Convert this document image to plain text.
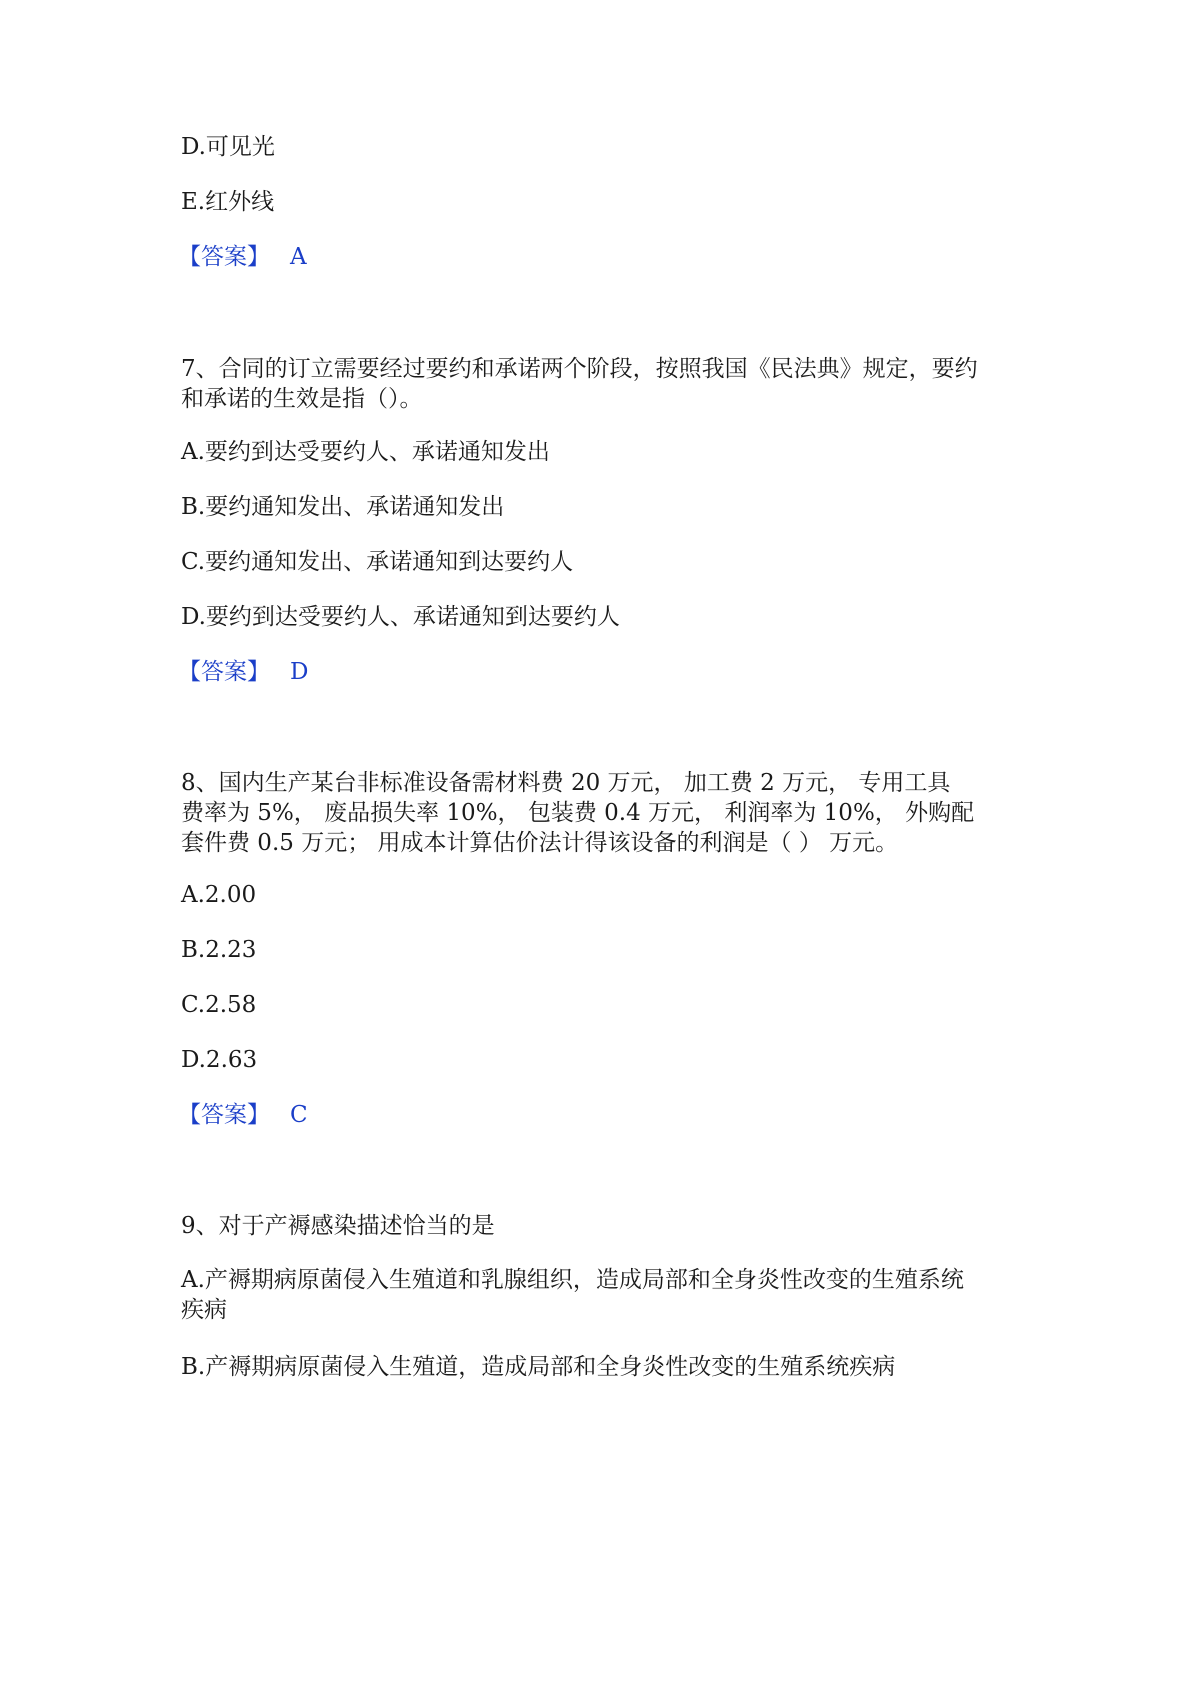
D.可见光
E.红外线
【答案】 A
7、合同的订立需要经过要约和承诺两个阶段，按照我国《民法典》规定，要约
和承诺的生效是指（）。
A.要约到达受要约人、承诺通知发出
B.要约通知发出、承诺通知发出
C.要约通知发出、承诺通知到达要约人
D.要约到达受要约人、承诺通知到达要约人
【答案】 D
8、国内生产某台非标准设备需材料费 20 万元， 加工费 2 万元， 专用工具
费率为 5%， 废品损失率 10%， 包装费 0.4 万元， 利润率为 10%， 外购配
套件费 0.5 万元； 用成本计算估价法计得该设备的利润是（ ） 万元。
A.2.00
B.2.23
C.2.58
D.2.63
【答案】 C
9、对于产褥感染描述恰当的是
A.产褥期病原菌侵入生殖道和乳腺组织，造成局部和全身炎性改变的生殖系统
疾病
B.产褥期病原菌侵入生殖道，造成局部和全身炎性改变的生殖系统疾病
